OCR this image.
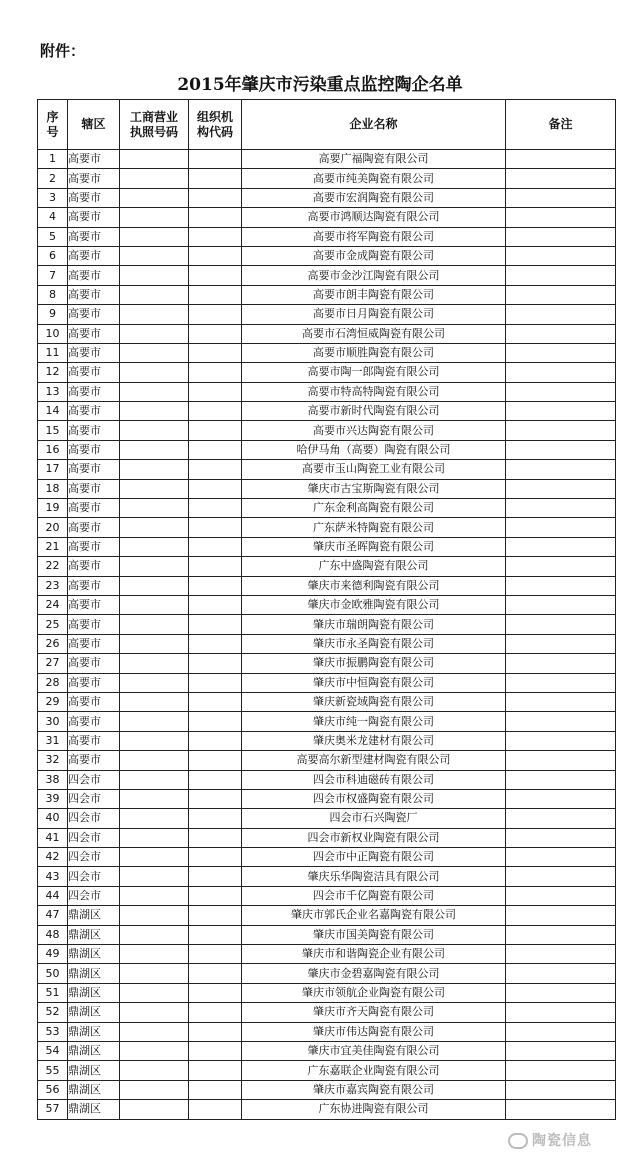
附件：
2015年肇庆市污染重点监控陶企名单
序号	辖区	工商营业执照号码	组织机构代码	企业名称	备注
1	高要市			高要广福陶瓷有限公司	
2	高要市			高要市纯美陶瓷有限公司	
3	高要市			高要市宏润陶瓷有限公司	
4	高要市			高要市鸿顺达陶瓷有限公司	
5	高要市			高要市将军陶瓷有限公司	
6	高要市			高要市金成陶瓷有限公司	
7	高要市			高要市金沙江陶瓷有限公司	
8	高要市			高要市朗丰陶瓷有限公司	
9	高要市			高要市日月陶瓷有限公司	
10	高要市			高要市石湾恒威陶瓷有限公司	
11	高要市			高要市顺胜陶瓷有限公司	
12	高要市			高要市陶一郎陶瓷有限公司	
13	高要市			高要市特高特陶瓷有限公司	
14	高要市			高要市新时代陶瓷有限公司	
15	高要市			高要市兴达陶瓷有限公司	
16	高要市			哈伊马角（高要）陶瓷有限公司	
17	高要市			高要市玉山陶瓷工业有限公司	
18	高要市			肇庆市古宝斯陶瓷有限公司	
19	高要市			广东金利高陶瓷有限公司	
20	高要市			广东萨米特陶瓷有限公司	
21	高要市			肇庆市圣晖陶瓷有限公司	
22	高要市			广东中盛陶瓷有限公司	
23	高要市			肇庆市来德利陶瓷有限公司	
24	高要市			肇庆市金欧雅陶瓷有限公司	
25	高要市			肇庆市瑞朗陶瓷有限公司	
26	高要市			肇庆市永圣陶瓷有限公司	
27	高要市			肇庆市振鹏陶瓷有限公司	
28	高要市			肇庆市中恒陶瓷有限公司	
29	高要市			肇庆新瓷域陶瓷有限公司	
30	高要市			肇庆市纯一陶瓷有限公司	
31	高要市			肇庆奥米龙建材有限公司	
32	高要市			高要高尔新型建材陶瓷有限公司	
38	四会市			四会市科迪磁砖有限公司	
39	四会市			四会市权盛陶瓷有限公司	
40	四会市			四会市石兴陶瓷厂	
41	四会市			四会市新权业陶瓷有限公司	
42	四会市			四会市中正陶瓷有限公司	
43	四会市			肇庆乐华陶瓷洁具有限公司	
44	四会市			四会市千亿陶瓷有限公司	
47	鼎湖区			肇庆市郭氏企业名嘉陶瓷有限公司	
48	鼎湖区			肇庆市国美陶瓷有限公司	
49	鼎湖区			肇庆市和谐陶瓷企业有限公司	
50	鼎湖区			肇庆市金碧嘉陶瓷有限公司	
51	鼎湖区			肇庆市领航企业陶瓷有限公司	
52	鼎湖区			肇庆市齐天陶瓷有限公司	
53	鼎湖区			肇庆市伟达陶瓷有限公司	
54	鼎湖区			肇庆市宜美佳陶瓷有限公司	
55	鼎湖区			广东嘉联企业陶瓷有限公司	
56	鼎湖区			肇庆市嘉宾陶瓷有限公司	
57	鼎湖区			广东协进陶瓷有限公司	
陶瓷信息
